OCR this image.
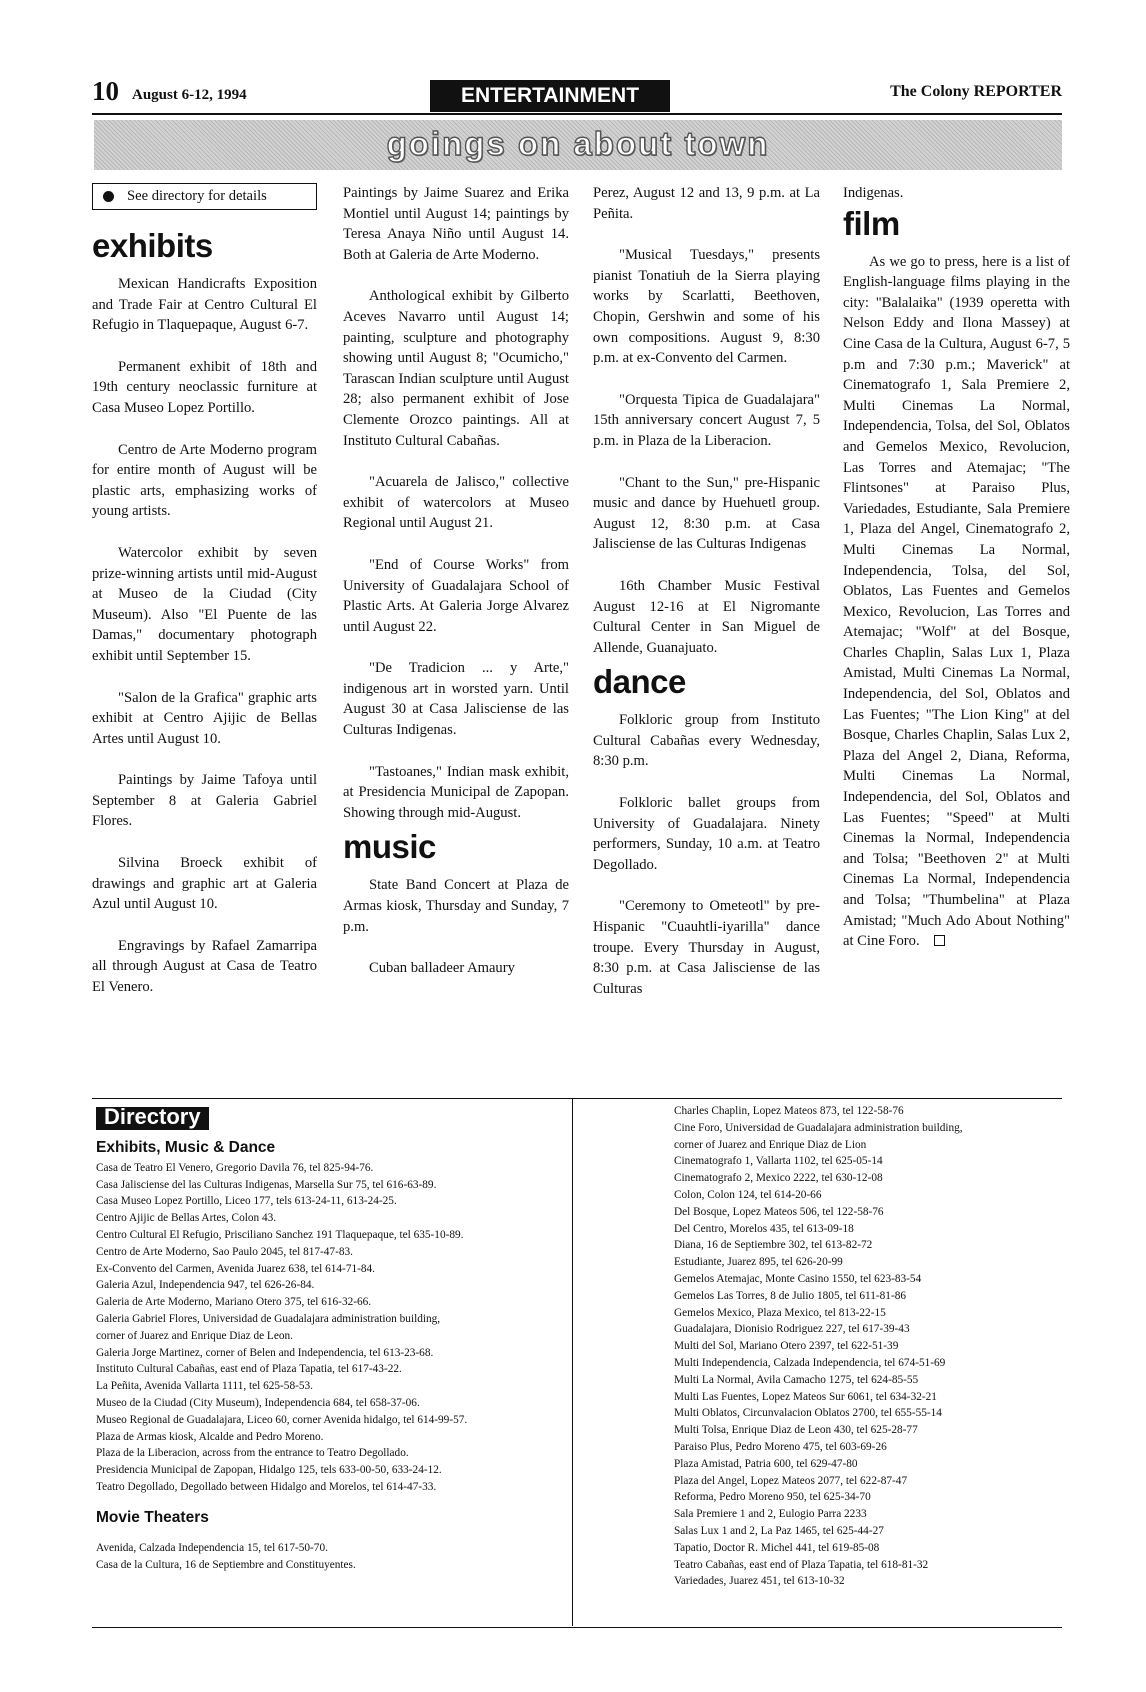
10 August 6-12, 1994	ENTERTAINMENT	The Colony REPORTER
goings on about town
See directory for details
exhibits

Mexican Handicrafts Exposition and Trade Fair at Centro Cultural El Refugio in Tlaquepaque, August 6-7.

Permanent exhibit of 18th and 19th century neoclassic furniture at Casa Museo Lopez Portillo.

Centro de Arte Moderno program for entire month of August will be plastic arts, emphasizing works of young artists.

Watercolor exhibit by seven prize-winning artists until mid-August at Museo de la Ciudad (City Museum). Also "El Puente de las Damas," documentary photograph exhibit until September 15.

"Salon de la Grafica" graphic arts exhibit at Centro Ajijic de Bellas Artes until August 10.

Paintings by Jaime Tafoya until September 8 at Galeria Gabriel Flores.

Silvina Broeck exhibit of drawings and graphic art at Galeria Azul until August 10.

Engravings by Rafael Zamarripa all through August at Casa de Teatro El Venero.

Paintings by Jaime Suarez and Erika Montiel until August 14; paintings by Teresa Anaya Niño until August 14. Both at Galeria de Arte Moderno.

Anthological exhibit by Gilberto Aceves Navarro until August 14; painting, sculpture and photography showing until August 8; "Ocumicho," Tarascan Indian sculpture until August 28; also permanent exhibit of Jose Clemente Orozco paintings. All at Instituto Cultural Cabañas.

"Acuarela de Jalisco," collective exhibit of watercolors at Museo Regional until August 21.

"End of Course Works" from University of Guadalajara School of Plastic Arts. At Galeria Jorge Alvarez until August 22.

"De Tradicion ... y Arte," indigenous art in worsted yarn. Until August 30 at Casa Jalisciense de las Culturas Indigenas.

"Tastoanes," Indian mask exhibit, at Presidencia Municipal de Zapopan. Showing through mid-August.

music

State Band Concert at Plaza de Armas kiosk, Thursday and Sunday, 7 p.m.

Cuban balladeer Amaury

Perez, August 12 and 13, 9 p.m. at La Peñita.

"Musical Tuesdays," presents pianist Tonatiuh de la Sierra playing works by Scarlatti, Beethoven, Chopin, Gershwin and some of his own compositions. August 9, 8:30 p.m. at ex-Convento del Carmen.

"Orquesta Tipica de Guadalajara" 15th anniversary concert August 7, 5 p.m. in Plaza de la Liberacion.

"Chant to the Sun," pre-Hispanic music and dance by Huehuetl group. August 12, 8:30 p.m. at Casa Jalisciense de las Culturas Indigenas

16th Chamber Music Festival August 12-16 at El Nigromante Cultural Center in San Miguel de Allende, Guanajuato.

dance

Folkloric group from Instituto Cultural Cabañas every Wednesday, 8:30 p.m.

Folkloric ballet groups from University of Guadalajara. Ninety performers, Sunday, 10 a.m. at Teatro Degollado.

"Ceremony to Ometeotl" by pre-Hispanic "Cuauhtli-iyarilla" dance troupe. Every Thursday in August, 8:30 p.m. at Casa Jalisciense de las Culturas

Indigenas.

film

As we go to press, here is a list of English-language films playing in the city: "Balalaika" (1939 operetta with Nelson Eddy and Ilona Massey) at Cine Casa de la Cultura, August 6-7, 5 p.m and 7:30 p.m.; Maverick" at Cinematografo 1, Sala Premiere 2, Multi Cinemas La Normal, Independencia, Tolsa, del Sol, Oblatos and Gemelos Mexico, Revolucion, Las Torres and Atemajac; "The Flintsones" at Paraiso Plus, Variedades, Estudiante, Sala Premiere 1, Plaza del Angel, Cinematografo 2, Multi Cinemas La Normal, Independencia, Tolsa, del Sol, Oblatos, Las Fuentes and Gemelos Mexico, Revolucion, Las Torres and Atemajac; "Wolf" at del Bosque, Charles Chaplin, Salas Lux 1, Plaza Amistad, Multi Cinemas La Normal, Independencia, del Sol, Oblatos and Las Fuentes; "The Lion King" at del Bosque, Charles Chaplin, Salas Lux 2, Plaza del Angel 2, Diana, Reforma, Multi Cinemas La Normal, Independencia, del Sol, Oblatos and Las Fuentes; "Speed" at Multi Cinemas la Normal, Independencia and Tolsa; "Beethoven 2" at Multi Cinemas La Normal, Independencia and Tolsa; "Thumbelina" at Plaza Amistad; "Much Ado About Nothing" at Cine Foro.

Directory
Exhibits, Music & Dance
Casa de Teatro El Venero, Gregorio Davila 76, tel 825-94-76.
Casa Jalisciense del las Culturas Indigenas, Marsella Sur 75, tel 616-63-89.
Casa Museo Lopez Portillo, Liceo 177, tels 613-24-11, 613-24-25.
Centro Ajijic de Bellas Artes, Colon 43.
Centro Cultural El Refugio, Prisciliano Sanchez 191 Tlaquepaque, tel 635-10-89.
Centro de Arte Moderno, Sao Paulo 2045, tel 817-47-83.
Ex-Convento del Carmen, Avenida Juarez 638, tel 614-71-84.
Galeria Azul, Independencia 947, tel 626-26-84.
Galeria de Arte Moderno, Mariano Otero 375, tel 616-32-66.
Galeria Gabriel Flores, Universidad de Guadalajara administration building,
corner of Juarez and Enrique Diaz de Leon.
Galeria Jorge Martinez, corner of Belen and Independencia, tel 613-23-68.
Instituto Cultural Cabañas, east end of Plaza Tapatia, tel 617-43-22.
La Peñita, Avenida Vallarta 1111, tel 625-58-53.
Museo de la Ciudad (City Museum), Independencia 684, tel 658-37-06.
Museo Regional de Guadalajara, Liceo 60, corner Avenida hidalgo, tel 614-99-57.
Plaza de Armas kiosk, Alcalde and Pedro Moreno.
Plaza de la Liberacion, across from the entrance to Teatro Degollado.
Presidencia Municipal de Zapopan, Hidalgo 125, tels 633-00-50, 633-24-12.
Teatro Degollado, Degollado between Hidalgo and Morelos, tel 614-47-33.
Movie Theaters
Avenida, Calzada Independencia 15, tel 617-50-70.
Casa de la Cultura, 16 de Septiembre and Constituyentes.
Charles Chaplin, Lopez Mateos 873, tel 122-58-76
Cine Foro, Universidad de Guadalajara administration building,
corner of Juarez and Enrique Diaz de Lion
Cinematografo 1, Vallarta 1102, tel 625-05-14
Cinematografo 2, Mexico 2222, tel 630-12-08
Colon, Colon 124, tel 614-20-66
Del Bosque, Lopez Mateos 506, tel 122-58-76
Del Centro, Morelos 435, tel 613-09-18
Diana, 16 de Septiembre 302, tel 613-82-72
Estudiante, Juarez 895, tel 626-20-99
Gemelos Atemajac, Monte Casino 1550, tel 623-83-54
Gemelos Las Torres, 8 de Julio 1805, tel 611-81-86
Gemelos Mexico, Plaza Mexico, tel 813-22-15
Guadalajara, Dionisio Rodriguez 227, tel 617-39-43
Multi del Sol, Mariano Otero 2397, tel 622-51-39
Multi Independencia, Calzada Independencia, tel 674-51-69
Multi La Normal, Avila Camacho 1275, tel 624-85-55
Multi Las Fuentes, Lopez Mateos Sur 6061, tel 634-32-21
Multi Oblatos, Circunvalacion Oblatos 2700, tel 655-55-14
Multi Tolsa, Enrique Diaz de Leon 430, tel 625-28-77
Paraiso Plus, Pedro Moreno 475, tel 603-69-26
Plaza Amistad, Patria 600, tel 629-47-80
Plaza del Angel, Lopez Mateos 2077, tel 622-87-47
Reforma, Pedro Moreno 950, tel 625-34-70
Sala Premiere 1 and 2, Eulogio Parra 2233
Salas Lux 1 and 2, La Paz 1465, tel 625-44-27
Tapatio, Doctor R. Michel 441, tel 619-85-08
Teatro Cabañas, east end of Plaza Tapatia, tel 618-81-32
Variedades, Juarez 451, tel 613-10-32
